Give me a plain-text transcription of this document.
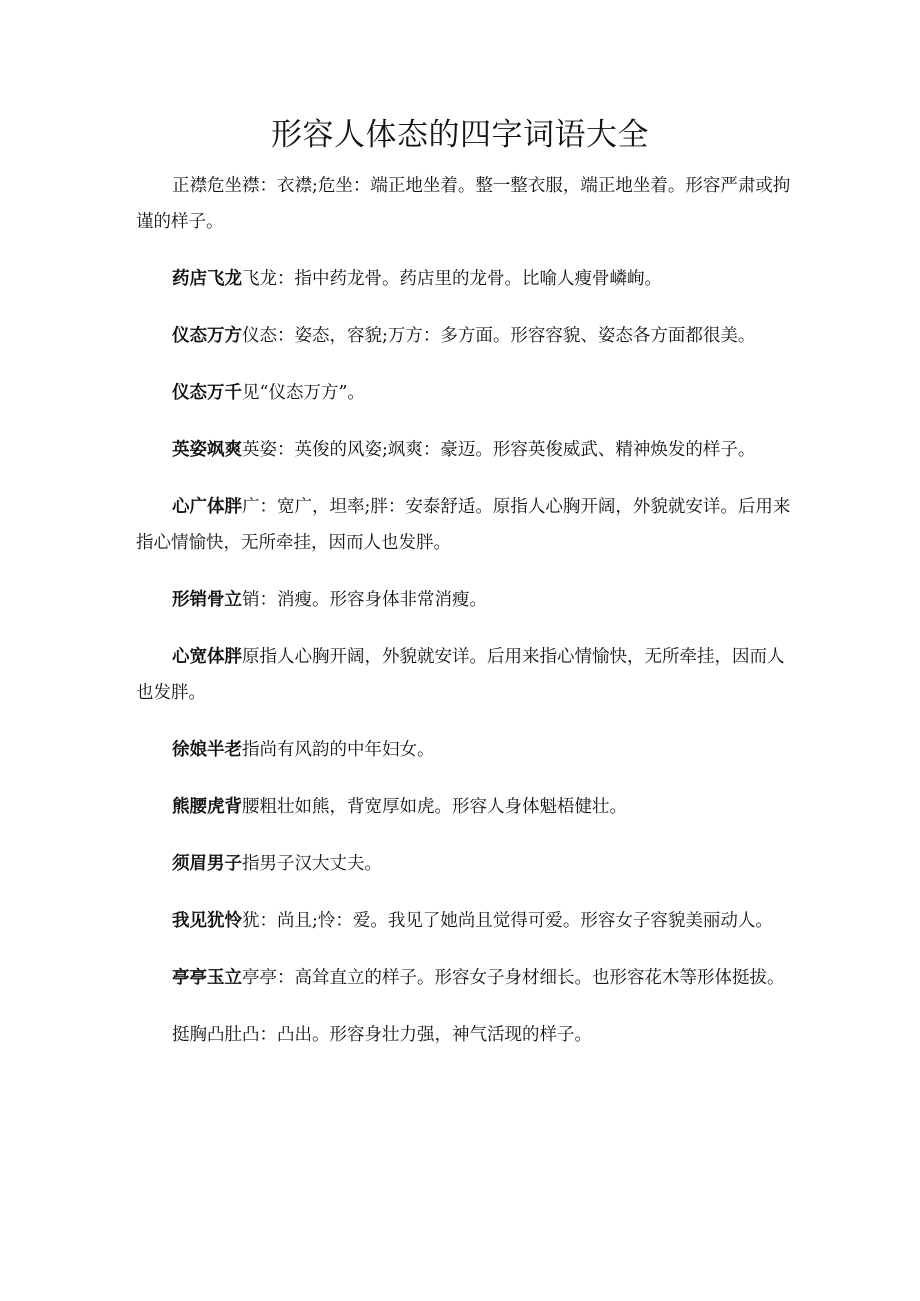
形容人体态的四字词语大全

正襟危坐襟：衣襟;危坐：端正地坐着。整一整衣服，端正地坐着。形容严肃或拘谨的样子。

药店飞龙飞龙：指中药龙骨。药店里的龙骨。比喻人瘦骨嶙峋。

仪态万方仪态：姿态，容貌;万方：多方面。形容容貌、姿态各方面都很美。

仪态万千见“仪态万方”。

英姿飒爽英姿：英俊的风姿;飒爽：豪迈。形容英俊威武、精神焕发的样子。

心广体胖广：宽广，坦率;胖：安泰舒适。原指人心胸开阔，外貌就安详。后用来指心情愉快，无所牵挂，因而人也发胖。

形销骨立销：消瘦。形容身体非常消瘦。

心宽体胖原指人心胸开阔，外貌就安详。后用来指心情愉快，无所牵挂，因而人也发胖。

徐娘半老指尚有风韵的中年妇女。

熊腰虎背腰粗壮如熊，背宽厚如虎。形容人身体魁梧健壮。

须眉男子指男子汉大丈夫。

我见犹怜犹：尚且;怜：爱。我见了她尚且觉得可爱。形容女子容貌美丽动人。

亭亭玉立亭亭：高耸直立的样子。形容女子身材细长。也形容花木等形体挺拔。

挺胸凸肚凸：凸出。形容身壮力强，神气活现的样子。
